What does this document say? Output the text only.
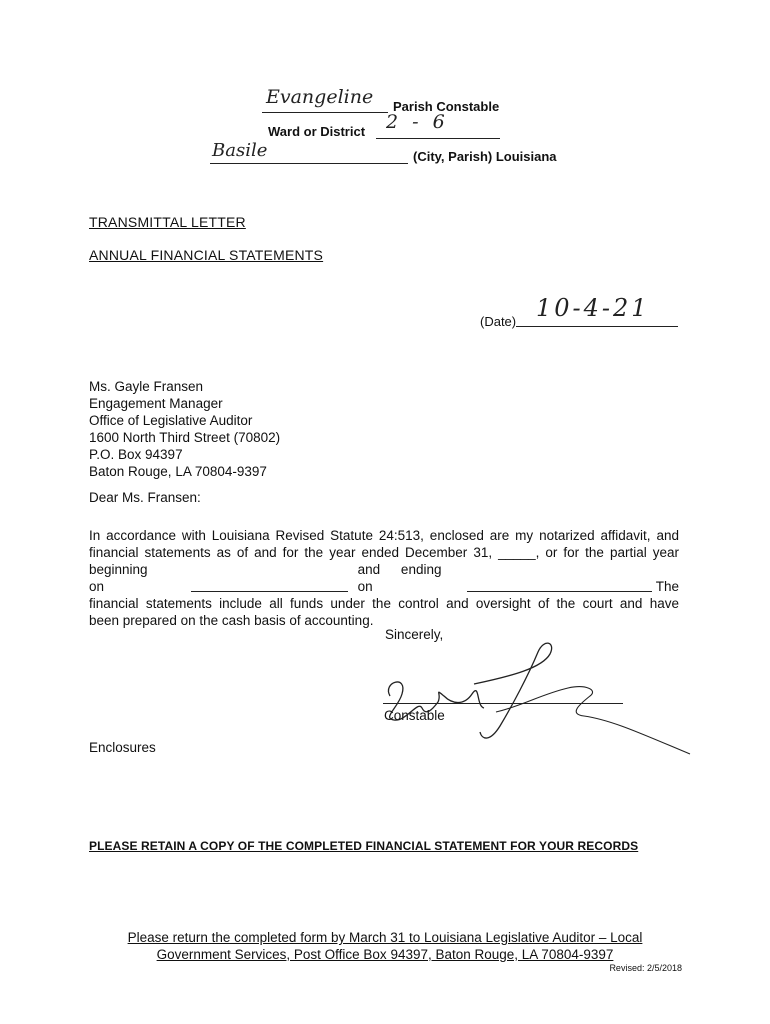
Evangeline Parish Constable
Ward or District 2 - 6
Basile	(City, Parish) Louisiana
TRANSMITTAL LETTER
ANNUAL FINANCIAL STATEMENTS
(Date) 10-4-21
Ms. Gayle Fransen
Engagement Manager
Office of Legislative Auditor
1600 North Third Street (70802)
P.O. Box 94397
Baton Rouge, LA 70804-9397
Dear Ms. Fransen:
In accordance with Louisiana Revised Statute 24:513, enclosed are my notarized affidavit, and
financial statements as of and for the year ended December 31, _____, or for the partial year
beginning on
and ending on	The
financial statements include all funds under the control and oversight of the court and have
been prepared on the cash basis of accounting.
Sincerely,
Constable
Enclosures
PLEASE RETAIN A COPY OF THE COMPLETED FINANCIAL STATEMENT FOR YOUR RECORDS
Please return the completed form by March 31 to Louisiana Legislative Auditor – Local
Government Services, Post Office Box 94397, Baton Rouge, LA 70804-9397
Revised: 2/5/2018
